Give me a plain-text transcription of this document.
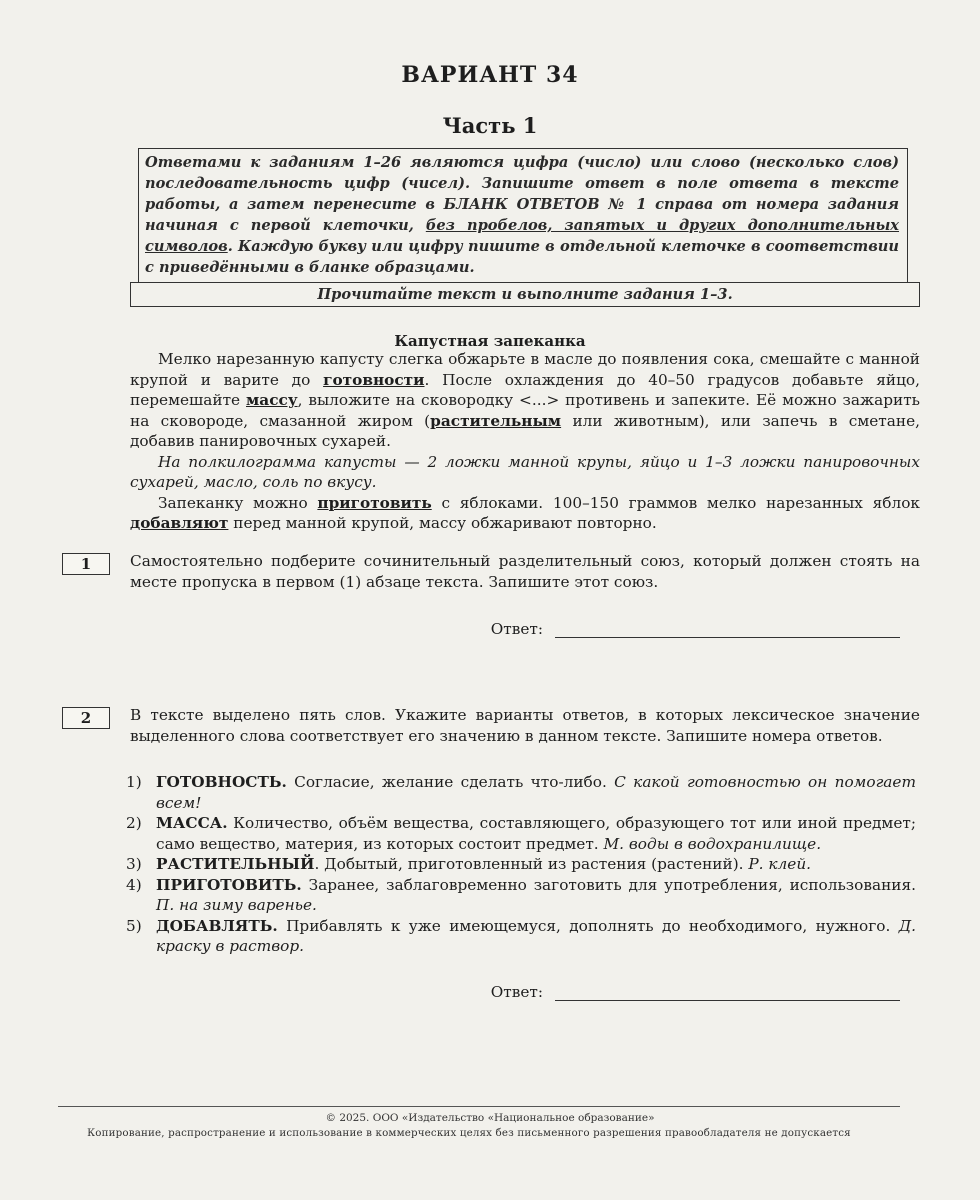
ВАРИАНТ 34
Часть 1
Ответами к заданиям 1–26 являются цифра (число) или слово (несколько слов) последовательность цифр (чисел). Запишите ответ в поле ответа в тексте работы, а затем перенесите в БЛАНК ОТВЕТОВ № 1 справа от номера задания начиная с первой клеточки, без пробелов, запятых и других дополнительных символов. Каждую букву или цифру пишите в отдельной клеточке в соответствии с приведёнными в бланке образцами.
Прочитайте текст и выполните задания 1–3.
Капустная запеканка

Мелко нарезанную капусту слегка обжарьте в масле до появления сока, смешайте с манной крупой и варите до готовности. После охлаждения до 40–50 градусов добавьте яйцо, перемешайте массу, выложите на сковородку <...> противень и запеките. Её можно зажарить на сковороде, смазанной жиром (растительным или животным), или запечь в сметане, добавив панировочных сухарей.

На полкилограмма капусты — 2 ложки манной крупы, яйцо и 1–3 ложки панировочных сухарей, масло, соль по вкусу.

Запеканку можно приготовить с яблоками. 100–150 граммов мелко нарезанных яблок добавляют перед манной крупой, массу обжаривают повторно.

1	Самостоятельно подберите сочинительный разделительный союз, который должен стоять на месте пропуска в первом (1) абзаце текста. Запишите этот союз.
Ответ:
2	В тексте выделено пять слов. Укажите варианты ответов, в которых лексическое значение выделенного слова соответствует его значению в данном тексте. Запишите номера ответов.
1) ГОТОВНОСТЬ. Согласие, желание сделать что-либо. С какой готовностью он помогает всем!
2) МАССА. Количество, объём вещества, составляющего, образующего тот или иной предмет; само вещество, материя, из которых состоит предмет. М. воды в водохранилище.
3) РАСТИТЕЛЬНЫЙ. Добытый, приготовленный из растения (растений). Р. клей.
4) ПРИГОТОВИТЬ. Заранее, заблаговременно заготовить для употребления, использования. П. на зиму варенье.
5) ДОБАВЛЯТЬ. Прибавлять к уже имеющемуся, дополнять до необходимого, нужного. Д. краску в раствор.
Ответ:
© 2025. ООО «Издательство «Национальное образование»
Копирование, распространение и использование в коммерческих целях без письменного разрешения правообладателя не допускается
